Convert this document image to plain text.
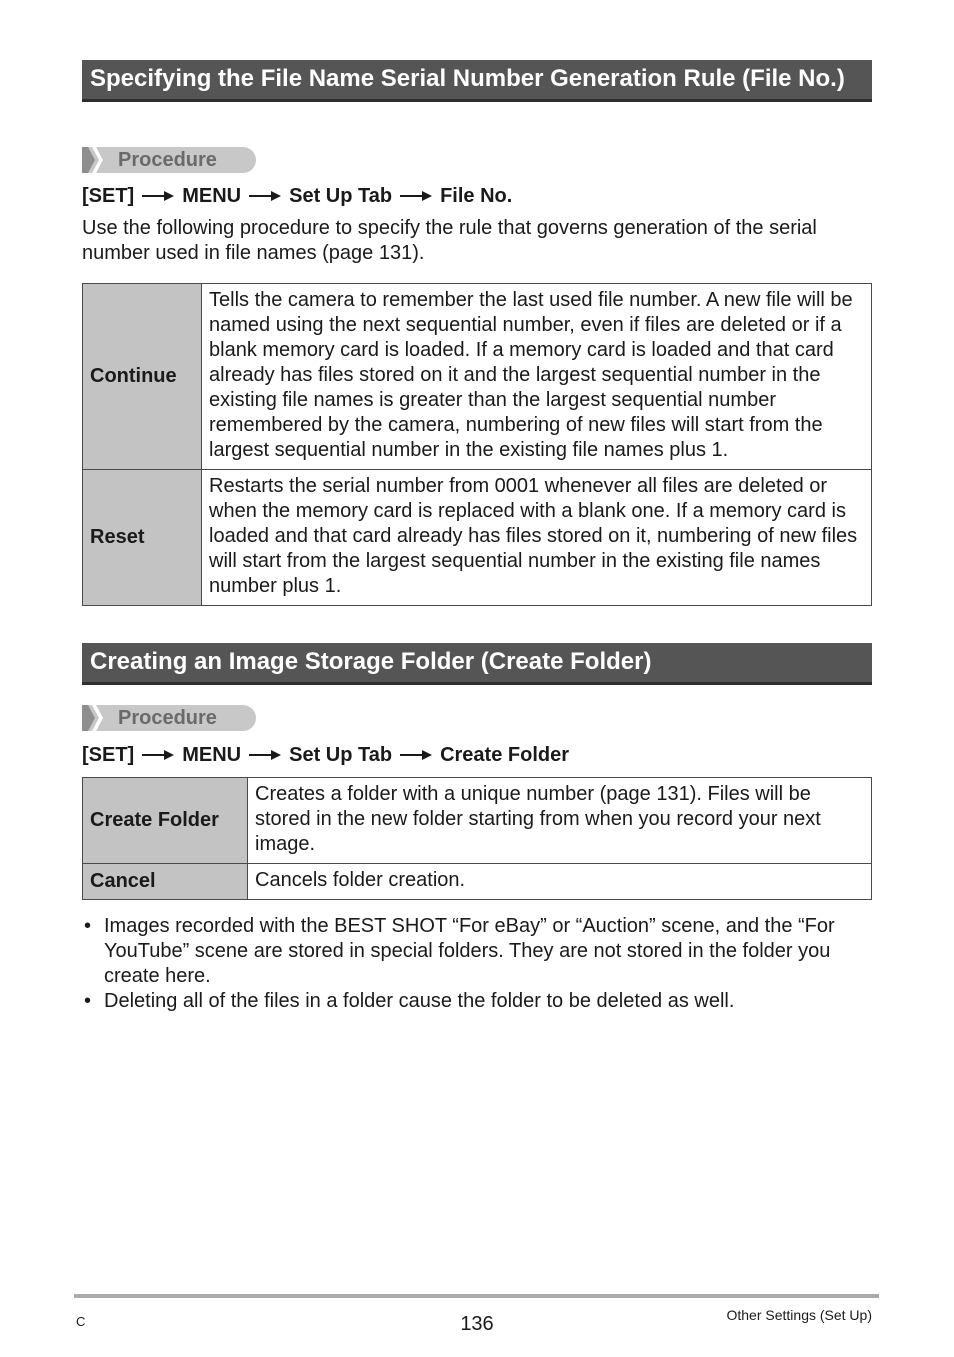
Specifying the File Name Serial Number Generation Rule (File No.)
Procedure
[SET] MENU Set Up Tab File No.
Use the following procedure to specify the rule that governs generation of the serial number used in file names (page 131).
Continue	Tells the camera to remember the last used file number. A new file will be named using the next sequential number, even if files are deleted or if a blank memory card is loaded. If a memory card is loaded and that card already has files stored on it and the largest sequential number in the existing file names is greater than the largest sequential number remembered by the camera, numbering of new files will start from the largest sequential number in the existing file names plus 1.
Reset	Restarts the serial number from 0001 whenever all files are deleted or when the memory card is replaced with a blank one. If a memory card is loaded and that card already has files stored on it, numbering of new files will start from the largest sequential number in the existing file names number plus 1.
Creating an Image Storage Folder (Create Folder)
Procedure
[SET] MENU Set Up Tab Create Folder
Create Folder	Creates a folder with a unique number (page 131). Files will be stored in the new folder starting from when you record your next image.
Cancel	Cancels folder creation.
• Images recorded with the BEST SHOT “For eBay” or “Auction” scene, and the “For YouTube” scene are stored in special folders. They are not stored in the folder you create here.
• Deleting all of the files in a folder cause the folder to be deleted as well.
C	136	Other Settings (Set Up)
